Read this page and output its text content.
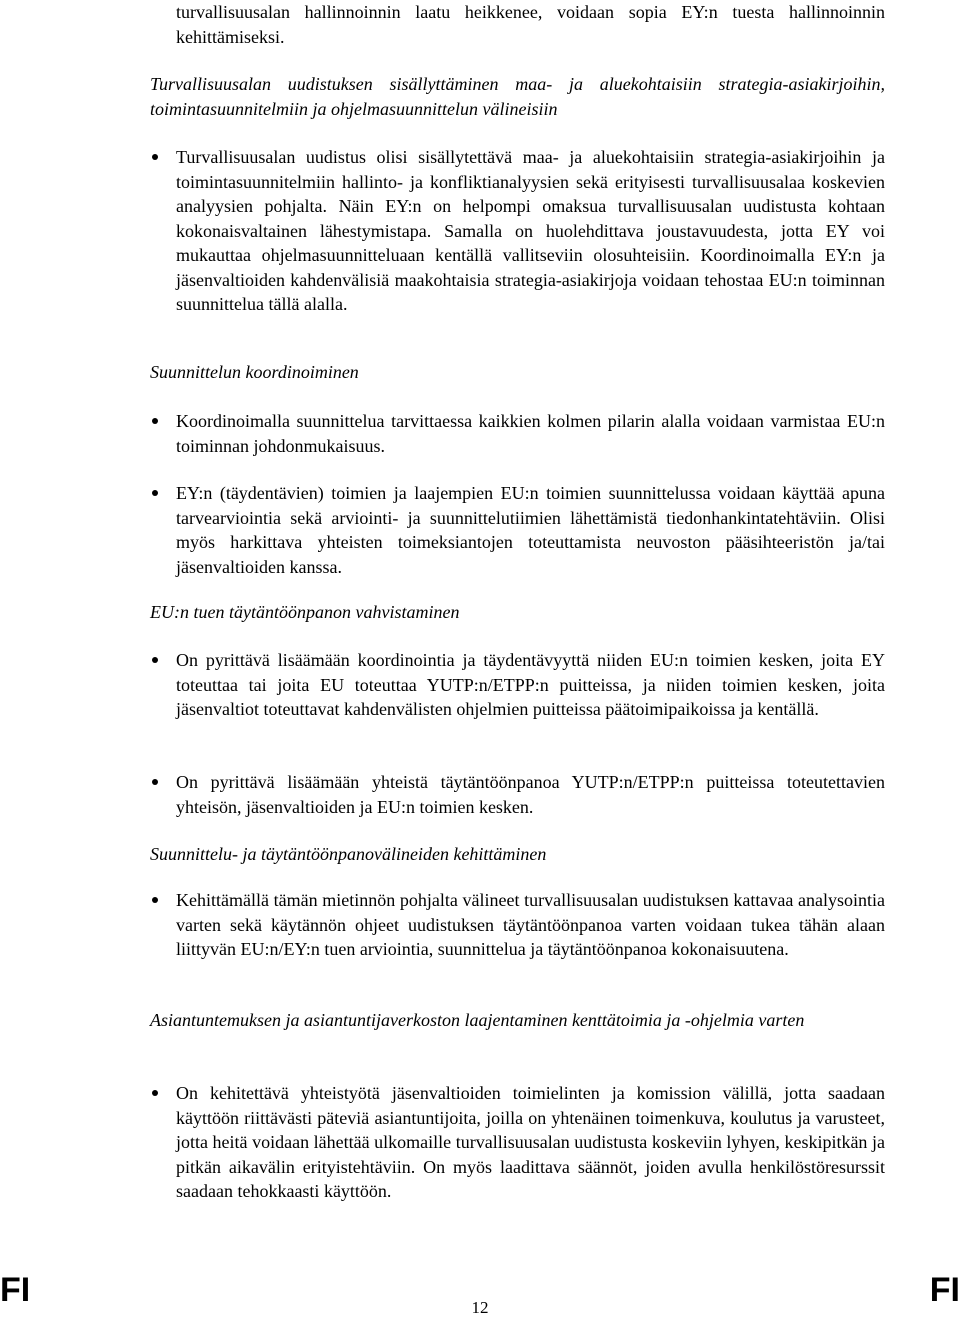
turvallisuusalan hallinnoinnin laatu heikkenee, voidaan sopia EY:n tuesta hallinnoinnin kehittämiseksi.
Turvallisuusalan uudistuksen sisällyttäminen maa- ja aluekohtaisiin strategia-asiakirjoihin, toimintasuunnitelmiin ja ohjelmasuunnittelun välineisiin
Turvallisuusalan uudistus olisi sisällytettävä maa- ja aluekohtaisiin strategia-asiakirjoihin ja toimintasuunnitelmiin hallinto- ja konfliktianalyysien sekä erityisesti turvallisuusalaa koskevien analyysien pohjalta. Näin EY:n on helpompi omaksua turvallisuusalan uudistusta kohtaan kokonaisvaltainen lähestymistapa. Samalla on huolehdittava joustavuudesta, jotta EY voi mukauttaa ohjelmasuunnitteluaan kentällä vallitseviin olosuhteisiin. Koordinoimalla EY:n ja jäsenvaltioiden kahdenvälisiä maakohtaisia strategia-asiakirjoja voidaan tehostaa EU:n toiminnan suunnittelua tällä alalla.
Suunnittelun koordinoiminen
Koordinoimalla suunnittelua tarvittaessa kaikkien kolmen pilarin alalla voidaan varmistaa EU:n toiminnan johdonmukaisuus.
EY:n (täydentävien) toimien ja laajempien EU:n toimien suunnittelussa voidaan käyttää apuna tarvearviointia sekä arviointi- ja suunnittelutiimien lähettämistä tiedonhankintatehtäviin. Olisi myös harkittava yhteisten toimeksiantojen toteuttamista neuvoston pääsihteeristön ja/tai jäsenvaltioiden kanssa.
EU:n tuen täytäntöönpanon vahvistaminen
On pyrittävä lisäämään koordinointia ja täydentävyyttä niiden EU:n toimien kesken, joita EY toteuttaa tai joita EU toteuttaa YUTP:n/ETPP:n puitteissa, ja niiden toimien kesken, joita jäsenvaltiot toteuttavat kahdenvälisten ohjelmien puitteissa päätoimipaikoissa ja kentällä.
On pyrittävä lisäämään yhteistä täytäntöönpanoa YUTP:n/ETPP:n puitteissa toteutettavien yhteisön, jäsenvaltioiden ja EU:n toimien kesken.
Suunnittelu- ja täytäntöönpanovälineiden kehittäminen
Kehittämällä tämän mietinnön pohjalta välineet turvallisuusalan uudistuksen kattavaa analysointia varten sekä käytännön ohjeet uudistuksen täytäntöönpanoa varten voidaan tukea tähän alaan liittyvän EU:n/EY:n tuen arviointia, suunnittelua ja täytäntöönpanoa kokonaisuutena.
Asiantuntemuksen ja asiantuntijaverkoston laajentaminen kenttätoimia ja -ohjelmia varten
On kehitettävä yhteistyötä jäsenvaltioiden toimielinten ja komission välillä, jotta saadaan käyttöön riittävästi päteviä asiantuntijoita, joilla on yhtenäinen toimenkuva, koulutus ja varusteet, jotta heitä voidaan lähettää ulkomaille turvallisuusalan uudistusta koskeviin lyhyen, keskipitkän ja pitkän aikavälin erityistehtäviin. On myös laadittava säännöt, joiden avulla henkilöstöresurssit saadaan tehokkaasti käyttöön.
FI	12	FI
